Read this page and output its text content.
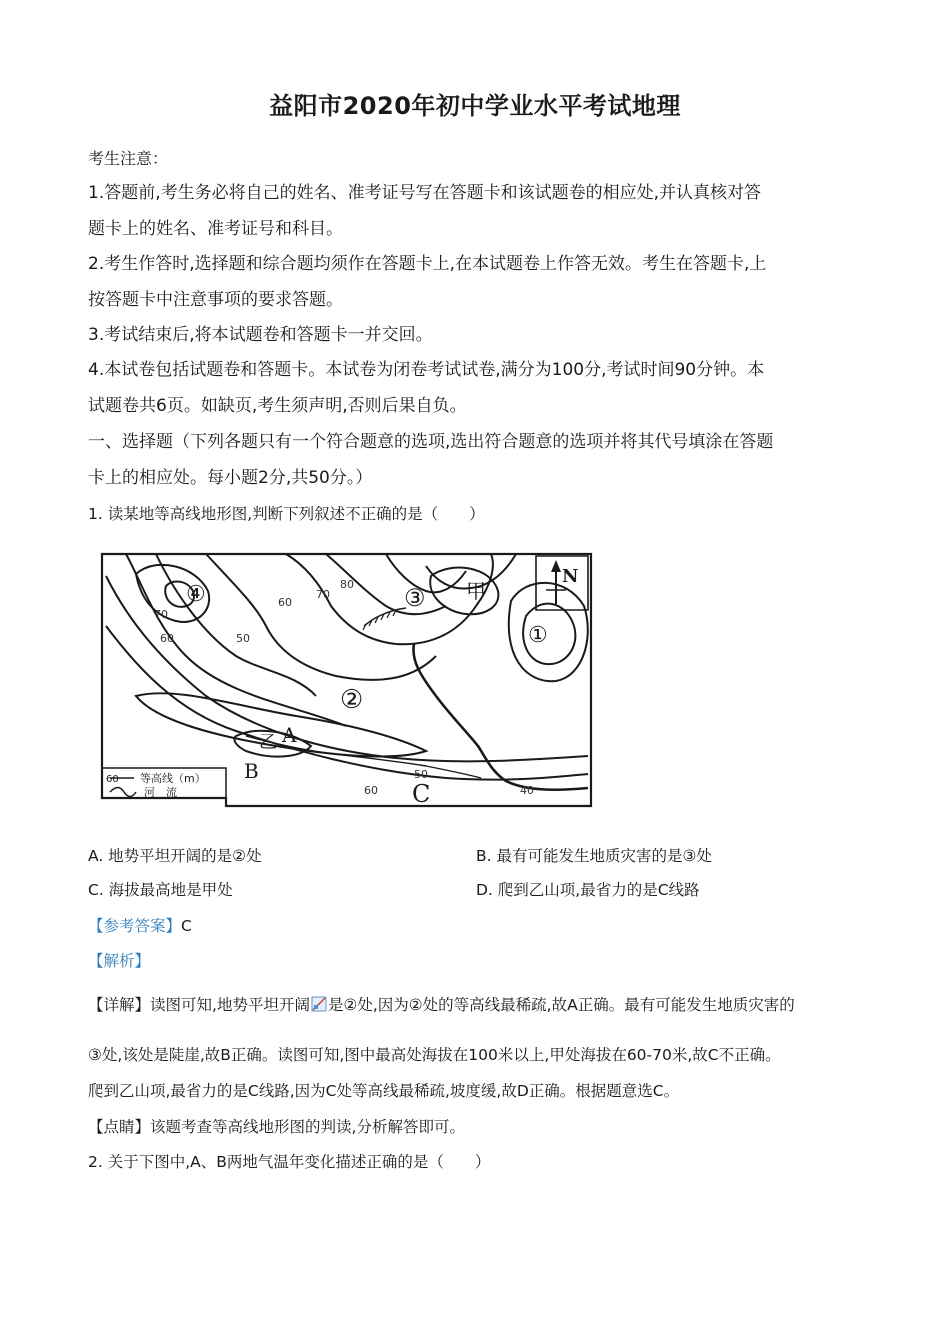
益阳市2020年初中学业水平考试地理
考生注意：
1.答题前,考生务必将自己的姓名、准考证号写在答题卡和该试题卷的相应处,并认真核对答
题卡上的姓名、准考证号和科目。
2.考生作答时,选择题和综合题均须作在答题卡上,在本试题卷上作答无效。考生在答题卡,上
按答题卡中注意事项的要求答题。
3.考试结束后,将本试题卷和答题卡一并交回。
4.本试卷包括试题卷和答题卡。本试卷为闭卷考试试卷,满分为100分,考试时间90分钟。本
试题卷共6页。如缺页,考生须声明,否则后果自负。
一、选择题（下列各题只有一个符合题意的选项,选出符合题意的选项并将其代号填涂在答题
卡上的相应处。每小题2分,共50分。）
1. 读某地等高线地形图,判断下列叙述不正确的是（　　）
④	③
①
②
甲
乙 A
B
C
N
70
60
60
50
70
80
50
60	40
60 等高线（m）
河　流
A. 地势平坦开阔的是②处	B. 最有可能发生地质灾害的是③处
C. 海拔最高地是甲处	D. 爬到乙山项,最省力的是C线路
【参考答案】C
【解析】
【详解】读图可知,地势平坦开阔 是②处,因为②处的等高线最稀疏,故A正确。最有可能发生地质灾害的
③处,该处是陡崖,故B正确。读图可知,图中最高处海拔在100米以上,甲处海拔在60-70米,故C不正确。
爬到乙山项,最省力的是C线路,因为C处等高线最稀疏,坡度缓,故D正确。根据题意选C。
【点睛】该题考查等高线地形图的判读,分析解答即可。
2. 关于下图中,A、B两地气温年变化描述正确的是（　　）
